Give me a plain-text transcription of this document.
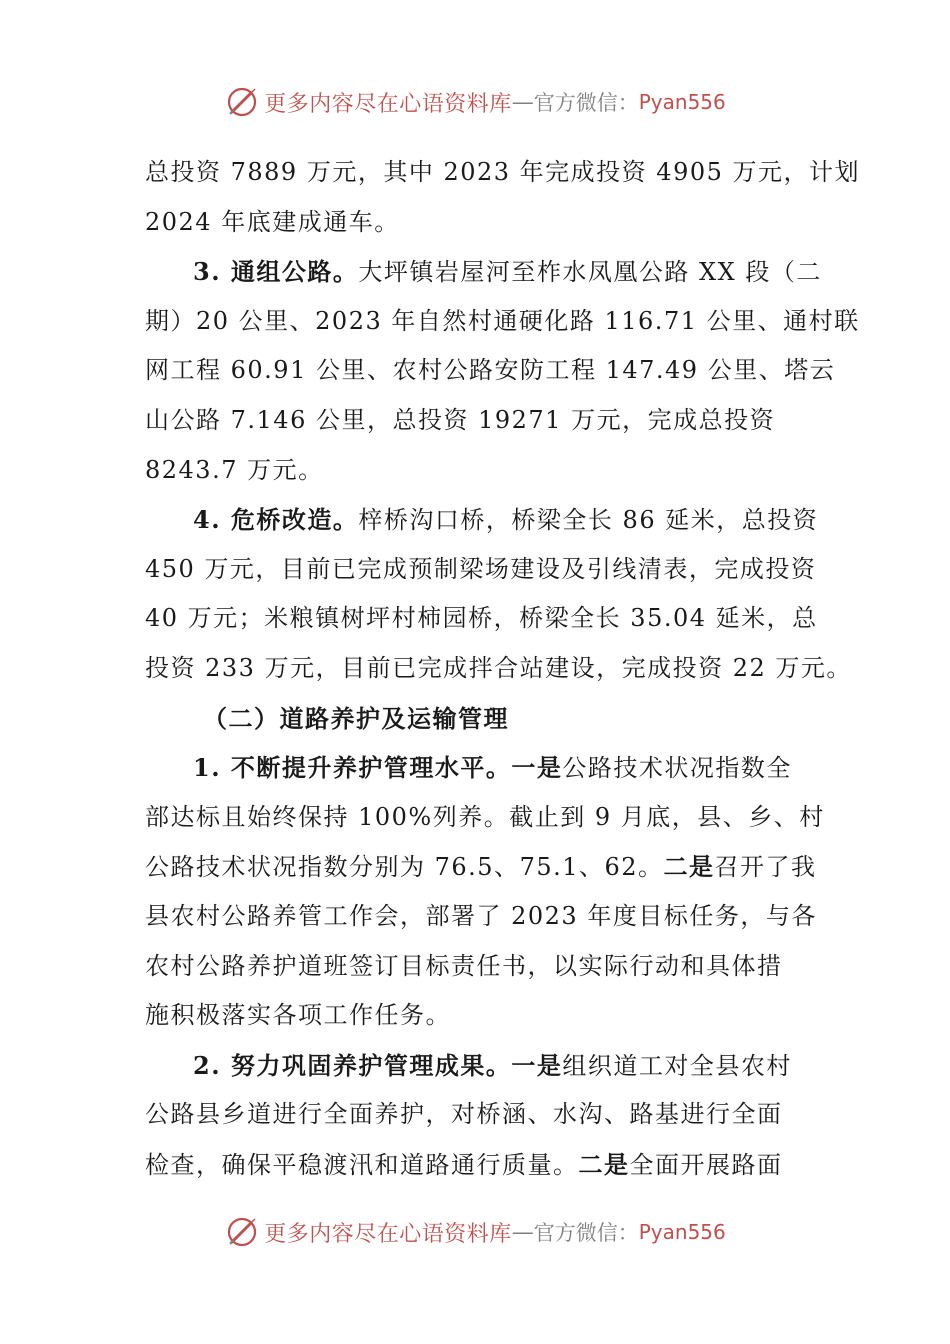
更多内容尽在心语资料库 — 官方微信： Pyan556
总投资 7889 万元，其中 2023 年完成投资 4905 万元，计划
2024 年底建成通车。
3. 通组公路。大坪镇岩屋河至柞水凤凰公路 XX 段（二
期）20 公里、2023 年自然村通硬化路 116.71 公里、通村联
网工程 60.91 公里、农村公路安防工程 147.49 公里、塔云
山公路 7.146 公里，总投资 19271 万元，完成总投资
8243.7 万元。
4. 危桥改造。梓桥沟口桥，桥梁全长 86 延米，总投资
450 万元，目前已完成预制梁场建设及引线清表，完成投资
40 万元；米粮镇树坪村柿园桥，桥梁全长 35.04 延米，总
投资 233 万元，目前已完成拌合站建设，完成投资 22 万元。
（二）道路养护及运输管理
1. 不断提升养护管理水平。一是公路技术状况指数全
部达标且始终保持 100%列养。截止到 9 月底，县、乡、村
公路技术状况指数分别为 76.5、75.1、62。二是召开了我
县农村公路养管工作会，部署了 2023 年度目标任务，与各
农村公路养护道班签订目标责任书，以实际行动和具体措
施积极落实各项工作任务。
2. 努力巩固养护管理成果。一是组织道工对全县农村
公路县乡道进行全面养护，对桥涵、水沟、路基进行全面
检查，确保平稳渡汛和道路通行质量。二是全面开展路面
更多内容尽在心语资料库 — 官方微信： Pyan556
